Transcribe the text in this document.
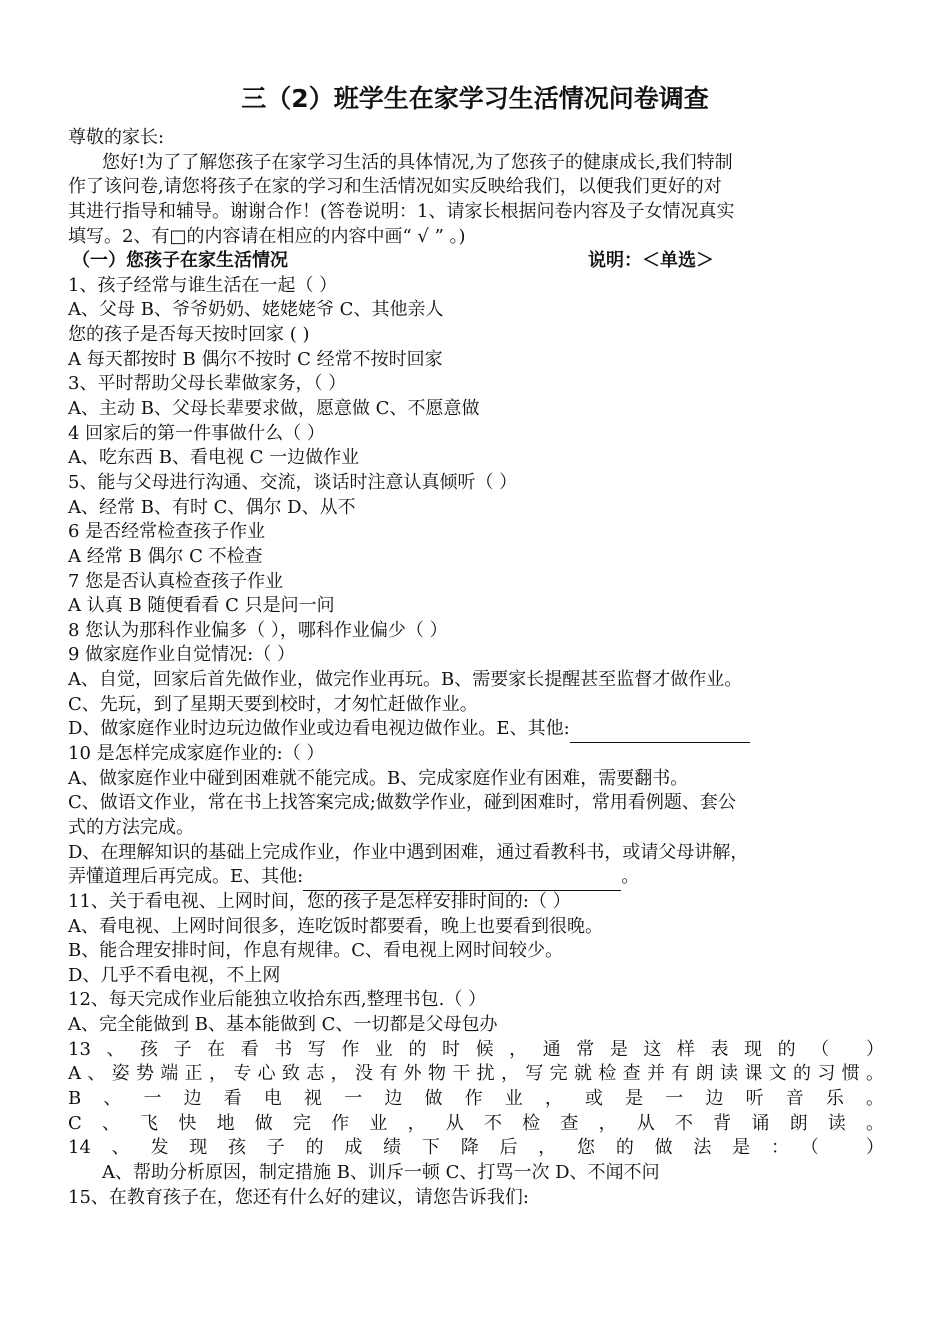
三（2）班学生在家学习生活情况问卷调查
尊敬的家长:
您好!为了了解您孩子在家学习生活的具体情况,为了您孩子的健康成长,我们特制
作了该问卷,请您将孩子在家的学习和生活情况如实反映给我们，以便我们更好的对
其进行指导和辅导。谢谢合作！(答卷说明：1、请家长根据问卷内容及子女情况真实
填写。2、有□的内容请在相应的内容中画“ √ ” 。)
（一）您孩子在家生活情况	说明：＜单选＞
1、孩子经常与谁生活在一起（ ）
A、父母 B、爷爷奶奶、姥姥姥爷 C、其他亲人
您的孩子是否每天按时回家 ( )
A 每天都按时 B 偶尔不按时 C 经常不按时回家
3、平时帮助父母长辈做家务，（ ）
A、主动 B、父母长辈要求做，愿意做 C、不愿意做
4 回家后的第一件事做什么（ ）
A、吃东西 B、看电视 C 一边做作业
5、能与父母进行沟通、交流，谈话时注意认真倾听（ ）
A、经常 B、有时 C、偶尔 D、从不
6 是否经常检查孩子作业
A 经常 B 偶尔 C 不检查
7 您是否认真检查孩子作业
A 认真 B 随便看看 C 只是问一问
8 您认为那科作业偏多（ ），哪科作业偏少（ ）
9 做家庭作业自觉情况:（ ）
A、自觉，回家后首先做作业，做完作业再玩。B、需要家长提醒甚至监督才做作业。
C、先玩，到了星期天要到校时，才匆忙赶做作业。
D、做家庭作业时边玩边做作业或边看电视边做作业。E、其他:
10 是怎样完成家庭作业的:（ ）
A、做家庭作业中碰到困难就不能完成。B、完成家庭作业有困难，需要翻书。
C、做语文作业，常在书上找答案完成;做数学作业，碰到困难时，常用看例题、套公
式的方法完成。
D、在理解知识的基础上完成作业，作业中遇到困难，通过看教科书，或请父母讲解，
弄懂道理后再完成。E、其他:	。
11、关于看电视、上网时间，您的孩子是怎样安排时间的:（ ）
A、看电视、上网时间很多，连吃饭时都要看，晚上也要看到很晚。
B、能合理安排时间，作息有规律。C、看电视上网时间较少。
D、几乎不看电视，不上网
12、每天完成作业后能独立收拾东西,整理书包.（ ）
A、完全能做到 B、基本能做到 C、一切都是父母包办
13、孩子在看书写作业的时候，通常是这样表现的（ ）
A、姿势端正，专心致志，没有外物干扰，写完就检查并有朗读课文的习惯。
B、一边看电视一边做作业，或是一边听音乐。
C、飞快地做完作业，从不检查，从不背诵朗读。
14、发现孩子的成绩下降后，您的做法是：（ ）
A、帮助分析原因，制定措施 B、训斥一顿 C、打骂一次 D、不闻不问
15、在教育孩子在，您还有什么好的建议，请您告诉我们:
